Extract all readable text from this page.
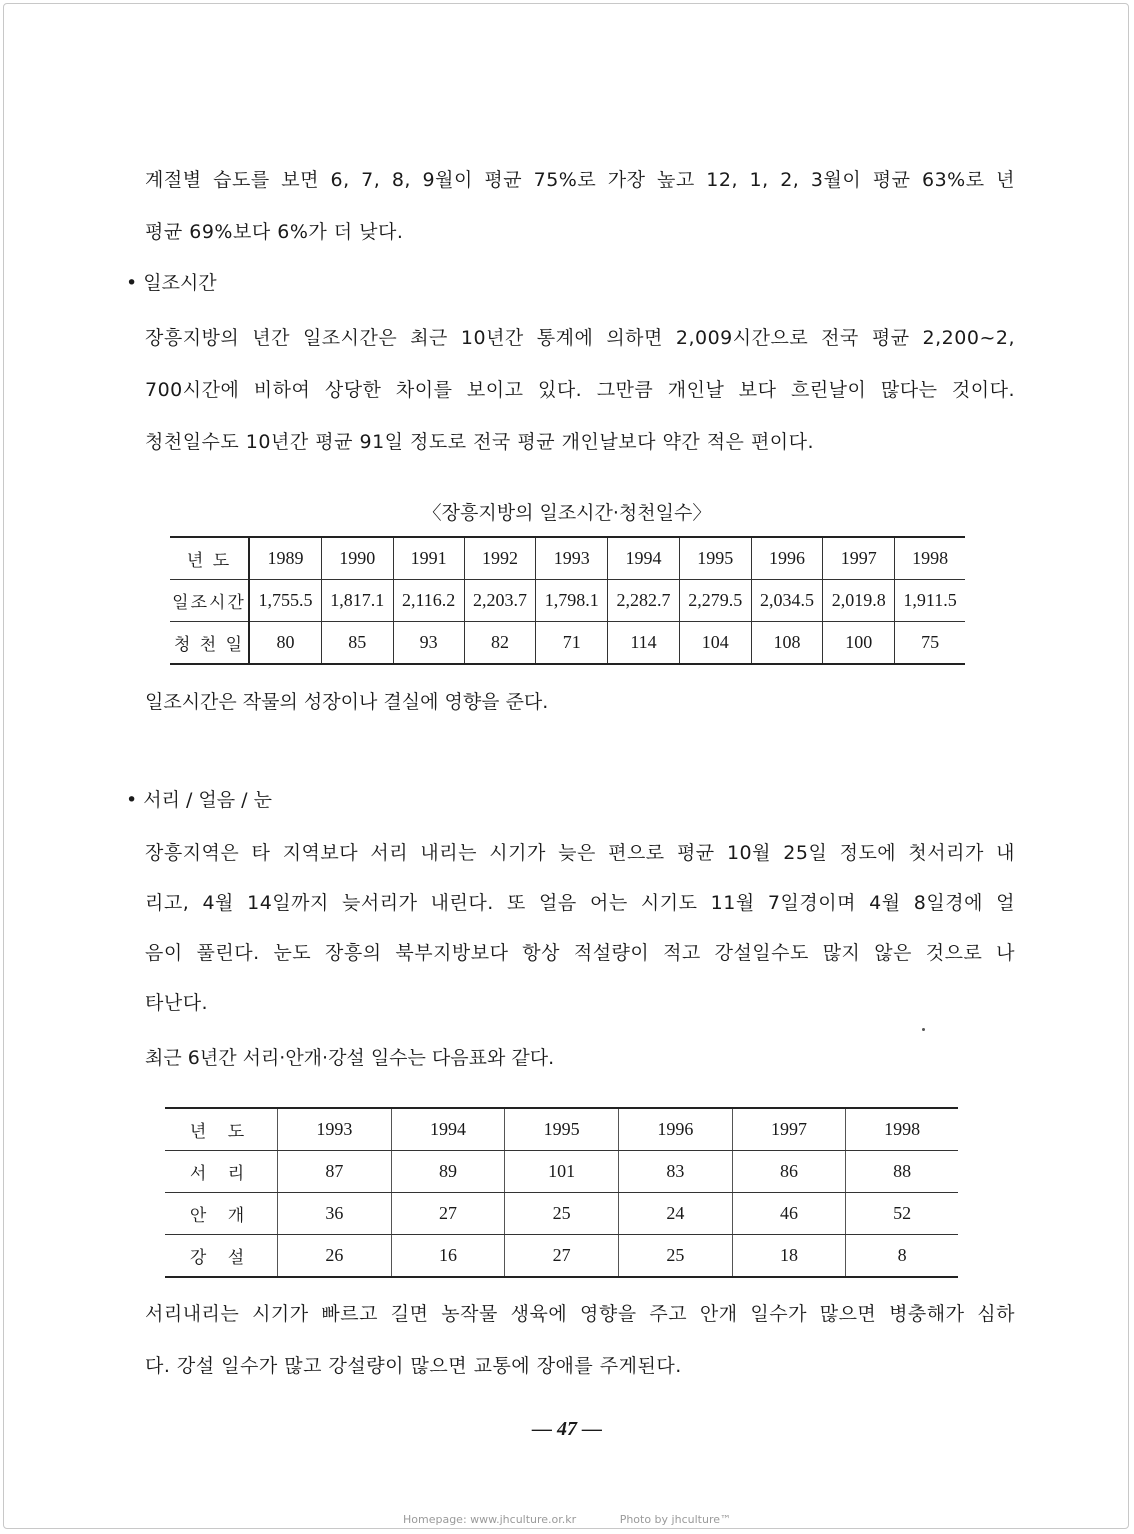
계절별 습도를 보면 6, 7, 8, 9월이 평균 75%로 가장 높고 12, 1, 2, 3월이 평균 63%로 년
평균 69%보다 6%가 더 낮다.
• 일조시간
장흥지방의 년간 일조시간은 최근 10년간 통계에 의하면 2,009시간으로 전국 평균 2,200~2,
700시간에 비하여 상당한 차이를 보이고 있다. 그만큼 개인날 보다 흐린날이 많다는 것이다.
청천일수도 10년간 평균 91일 정도로 전국 평균 개인날보다 약간 적은 편이다.
〈장흥지방의 일조시간·청천일수〉
년 도	1989	1990	1991	1992	1993	1994	1995	1996	1997	1998
일조시간	1,755.5	1,817.1	2,116.2	2,203.7	1,798.1	2,282.7	2,279.5	2,034.5	2,019.8	1,911.5
청 천 일	80	85	93	82	71	114	104	108	100	75
일조시간은 작물의 성장이나 결실에 영향을 준다.
• 서리 / 얼음 / 눈
장흥지역은 타 지역보다 서리 내리는 시기가 늦은 편으로 평균 10월 25일 정도에 첫서리가 내
리고, 4월 14일까지 늦서리가 내린다. 또 얼음 어는 시기도 11월 7일경이며 4월 8일경에 얼
음이 풀린다. 눈도 장흥의 북부지방보다 항상 적설량이 적고 강설일수도 많지 않은 것으로 나
타난다.
최근 6년간 서리·안개·강설 일수는 다음표와 같다.
년 도	1993	1994	1995	1996	1997	1998
서 리	87	89	101	83	86	88
안 개	36	27	25	24	46	52
강 설	26	16	27	25	18	8
서리내리는 시기가 빠르고 길면 농작물 생육에 영향을 주고 안개 일수가 많으면 병충해가 심하
다. 강설 일수가 많고 강설량이 많으면 교통에 장애를 주게된다.
— 47 —
Homepage: www.jhculture.or.kr	Photo by jhculture™
